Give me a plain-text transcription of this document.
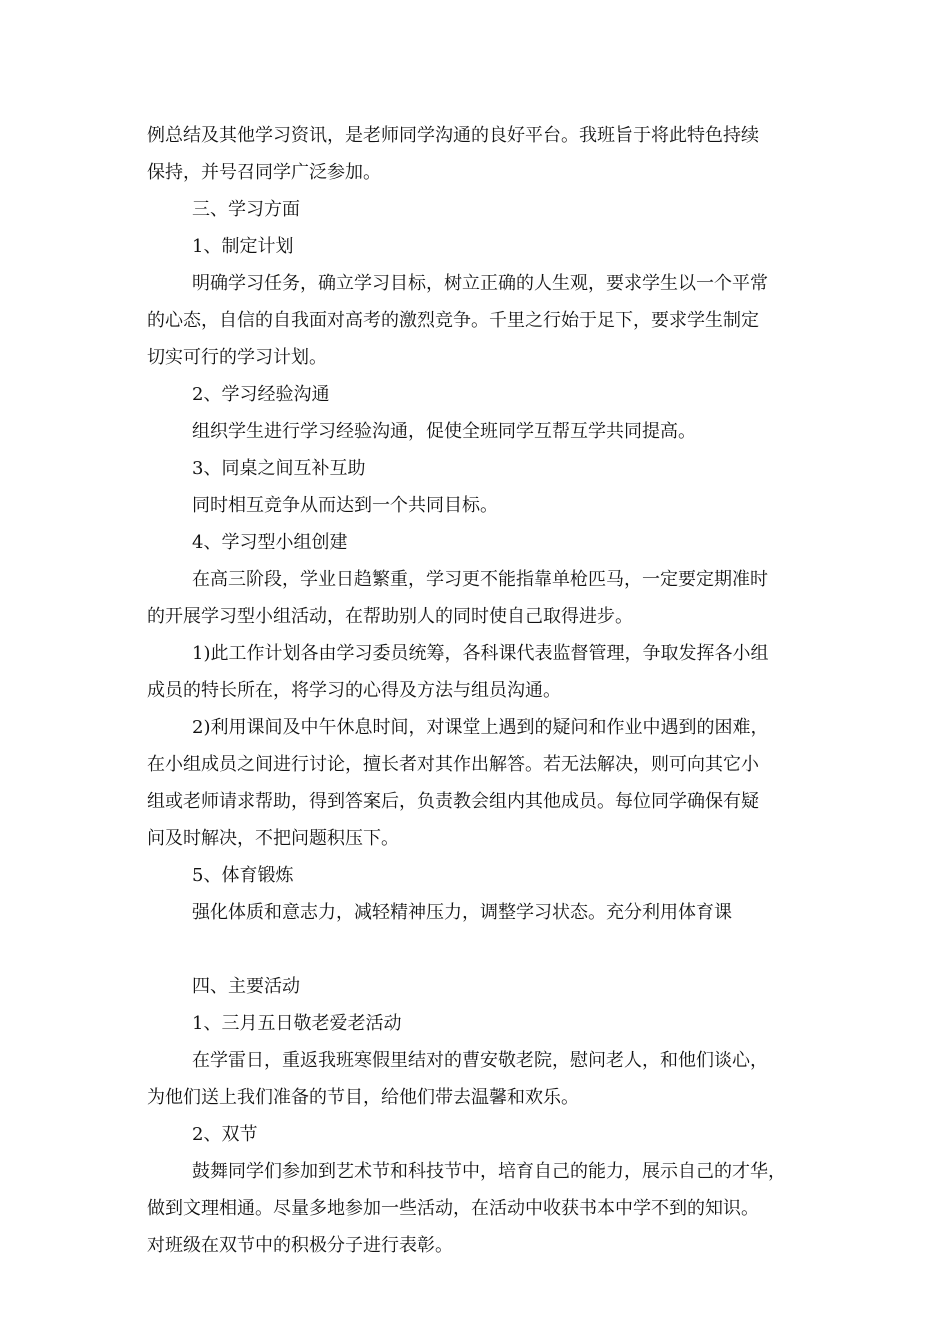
例总结及其他学习资讯，是老师同学沟通的良好平台。我班旨于将此特色持续
保持，并号召同学广泛参加。
三、学习方面
1、制定计划
明确学习任务，确立学习目标，树立正确的人生观，要求学生以一个平常
的心态，自信的自我面对高考的激烈竞争。千里之行始于足下，要求学生制定
切实可行的学习计划。
2、学习经验沟通
组织学生进行学习经验沟通，促使全班同学互帮互学共同提高。
3、同桌之间互补互助
同时相互竞争从而达到一个共同目标。
4、学习型小组创建
在高三阶段，学业日趋繁重，学习更不能指靠单枪匹马，一定要定期准时
的开展学习型小组活动，在帮助别人的同时使自己取得进步。
1)此工作计划各由学习委员统筹，各科课代表监督管理，争取发挥各小组
成员的特长所在，将学习的心得及方法与组员沟通。
2)利用课间及中午休息时间，对课堂上遇到的疑问和作业中遇到的困难，
在小组成员之间进行讨论，擅长者对其作出解答。若无法解决，则可向其它小
组或老师请求帮助，得到答案后，负责教会组内其他成员。每位同学确保有疑
问及时解决，不把问题积压下。
5、体育锻炼
强化体质和意志力，减轻精神压力，调整学习状态。充分利用体育课
四、主要活动
1、三月五日敬老爱老活动
在学雷日，重返我班寒假里结对的曹安敬老院，慰问老人，和他们谈心，
为他们送上我们准备的节目，给他们带去温馨和欢乐。
2、双节
鼓舞同学们参加到艺术节和科技节中，培育自己的能力，展示自己的才华，
做到文理相通。尽量多地参加一些活动，在活动中收获书本中学不到的知识。
对班级在双节中的积极分子进行表彰。
